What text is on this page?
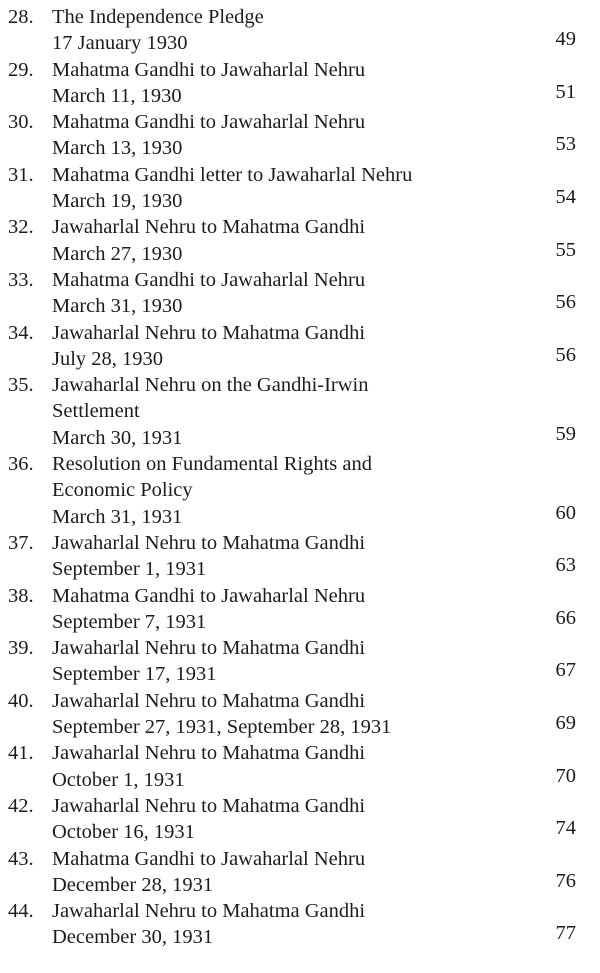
28. The Independence Pledge
17 January 1930	49
29. Mahatma Gandhi to Jawaharlal Nehru
March 11, 1930	51
30. Mahatma Gandhi to Jawaharlal Nehru
March 13, 1930	53
31. Mahatma Gandhi letter to Jawaharlal Nehru
March 19, 1930	54
32. Jawaharlal Nehru to Mahatma Gandhi
March 27, 1930	55
33. Mahatma Gandhi to Jawaharlal Nehru
March 31, 1930	56
34. Jawaharlal Nehru to Mahatma Gandhi
July 28, 1930	56
35. Jawaharlal Nehru on the Gandhi-Irwin
Settlement
March 30, 1931	59
36. Resolution on Fundamental Rights and
Economic Policy
March 31, 1931	60
37. Jawaharlal Nehru to Mahatma Gandhi
September 1, 1931	63
38. Mahatma Gandhi to Jawaharlal Nehru
September 7, 1931	66
39. Jawaharlal Nehru to Mahatma Gandhi
September 17, 1931	67
40. Jawaharlal Nehru to Mahatma Gandhi
September 27, 1931, September 28, 1931	69
41. Jawaharlal Nehru to Mahatma Gandhi
October 1, 1931	70
42. Jawaharlal Nehru to Mahatma Gandhi
October 16, 1931	74
43. Mahatma Gandhi to Jawaharlal Nehru
December 28, 1931	76
44. Jawaharlal Nehru to Mahatma Gandhi
December 30, 1931	77
